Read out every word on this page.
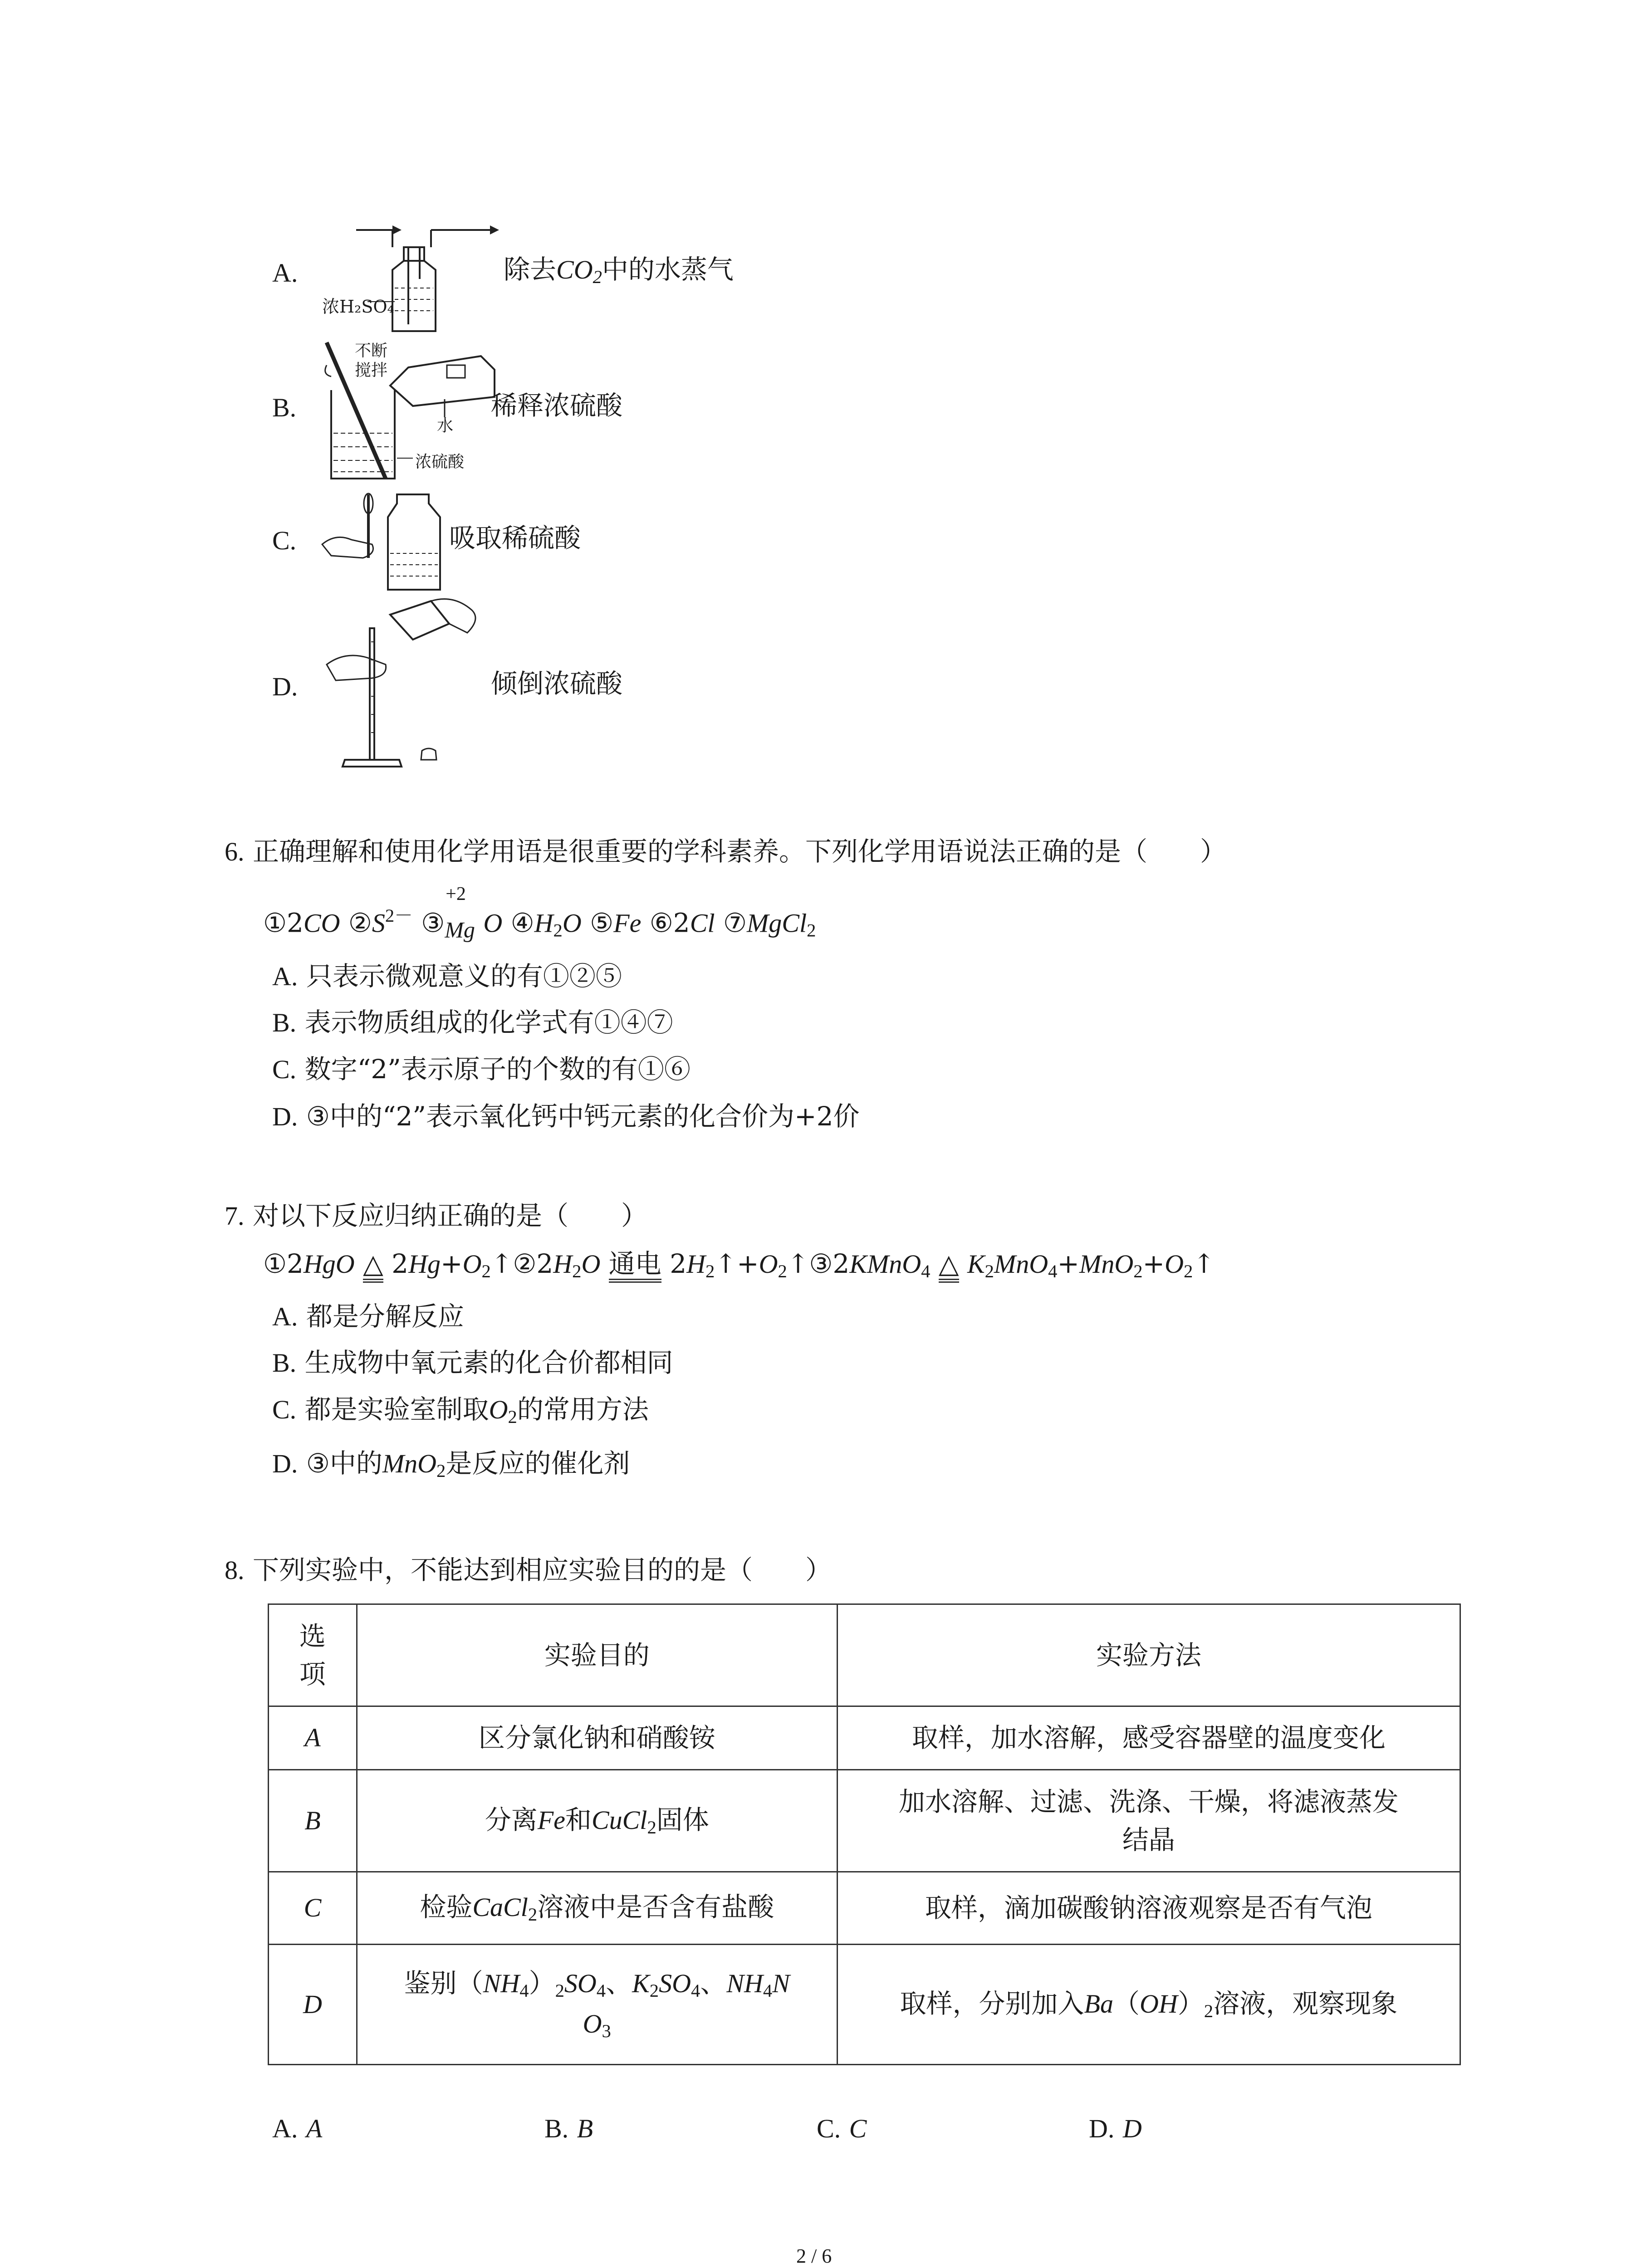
A.
浓H₂SO₄
除去$CO_2$中的水蒸气
B.
不断
搅拌
水
浓硫酸
稀释浓硫酸
C.	吸取稀硫酸
D.	倾倒浓硫酸
6. 正确理解和使用化学用语是很重要的学科素养。下列化学用语说法正确的是（　　）
①2CO $②S^{2-}$ ③
+2
Mg O $④H_2O$ ⑤Fe ⑥2Cl ⑦MgCl$_2$
A. 只表示微观意义的有①②⑤
B. 表示物质组成的化学式有①④⑦
C. 数字“2”表示原子的个数的有①⑥
D. ③中的“2”表示氧化钙中钙元素的化合价为+2价
7. 对以下反应归纳正确的是（　　）
①2HgO △ $2Hg+O_2↑②2H_2O$ 通电 $2H_2↑+O_2↑③2KMnO_4$ △ $K_2MnO_4+MnO_2+O_2↑$
A. 都是分解反应
B. 生成物中氧元素的化合价都相同
C. 都是实验室制取$O_2$的常用方法
D. ③中的MnO$_2$是反应的催化剂
8. 下列实验中，不能达到相应实验目的的是（　　）
选
项	实验目的	实验方法
A	区分氯化钠和硝酸铵	取样，加水溶解，感受容器壁的温度变化
B	分离Fe和CuCl$_2$固体	加水溶解、过滤、洗涤、干燥，将滤液蒸发
结晶
C	检验CaCl$_2$溶液中是否含有盐酸	取样，滴加碳酸钠溶液观察是否有气泡
D	鉴别$(NH_4)_2SO_4$、$K_2SO_4$、$NH_4N$
$O_3$	取样，分别加入$Ba(OH)_2$溶液，观察现象
A. A	B. B	C. C	D. D
2 / 6
